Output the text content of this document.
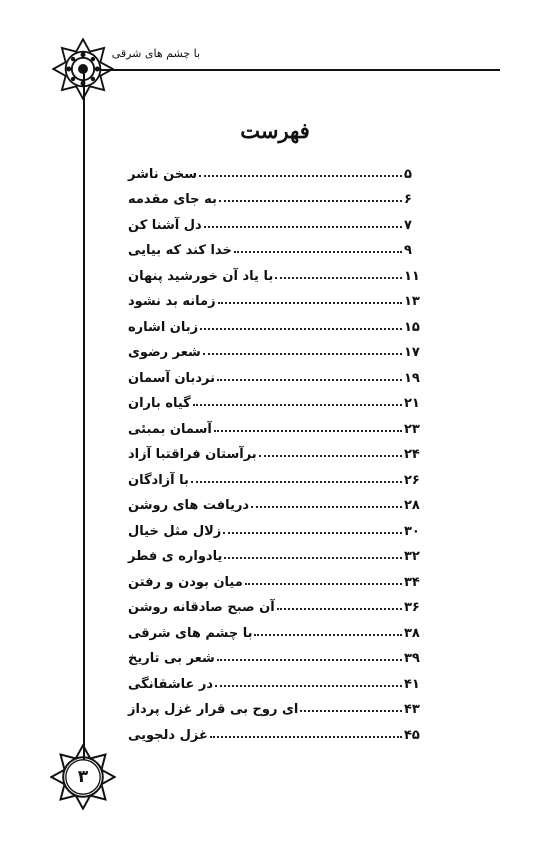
با چشم های شرقی
فهرست
سخن ناشر	۵
به جای مقدمه	۶
دل آشنا کن	۷
خدا کند که بیایی	۹
با یاد آن خورشید پنهان	۱۱
زمانه بد نشود	۱۳
زبان اشاره	۱۵
شعر رضوی	۱۷
نردبان آسمان	۱۹
گیاه باران	۲۱
آسمان بمبئی	۲۳
برآستان فراقتبا آزاد	۲۴
با آزادگان	۲۶
دریافت های روشن	۲۸
زلال مثل خیال	۳۰
یادواره ی فطر	۳۲
میان بودن و رفتن	۳۴
آن صبح صادقانه روشن	۳۶
با چشم های شرقی	۳۸
شعر بی تاریخ	۳۹
در عاشقانگی	۴۱
ای روح بی قرار غزل پرداز	۴۳
غزل دلجویی	۴۵
۳
